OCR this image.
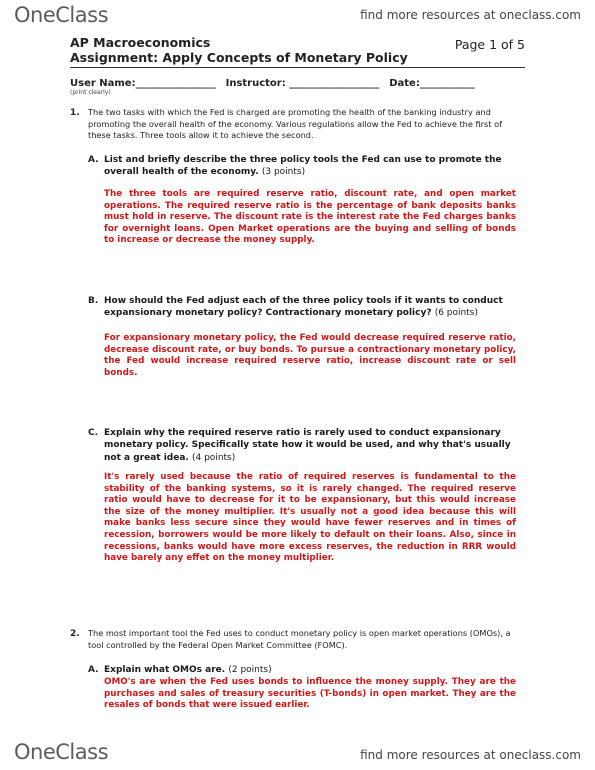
OneClass	find more resources at oneclass.com
AP Macroeconomics
Assignment: Apply Concepts of Monetary Policy
Page 1 of 5
User Name:________________ Instructor: __________________ Date:___________
(print clearly)
1. The two tasks with which the Fed is charged are promoting the health of the banking industry and promoting the overall health of the economy. Various regulations allow the Fed to achieve the first of these tasks. Three tools allow it to achieve the second.
A. List and briefly describe the three policy tools the Fed can use to promote the overall health of the economy. (3 points)
The three tools are required reserve ratio, discount rate, and open market operations. The required reserve ratio is the percentage of bank deposits banks must hold in reserve. The discount rate is the interest rate the Fed charges banks for overnight loans. Open Market operations are the buying and selling of bonds to increase or decrease the money supply.
B. How should the Fed adjust each of the three policy tools if it wants to conduct expansionary monetary policy? Contractionary monetary policy? (6 points)
For expansionary monetary policy, the Fed would decrease required reserve ratio, decrease discount rate, or buy bonds. To pursue a contractionary monetary policy, the Fed would increase required reserve ratio, increase discount rate or sell bonds.
C. Explain why the required reserve ratio is rarely used to conduct expansionary monetary policy. Specifically state how it would be used, and why that's usually not a great idea. (4 points)
It's rarely used because the ratio of required reserves is fundamental to the stability of the banking systems, so it is rarely changed. The required reserve ratio would have to decrease for it to be expansionary, but this would increase the size of the money multiplier. It's usually not a good idea because this will make banks less secure since they would have fewer reserves and in times of recession, borrowers would be more likely to default on their loans. Also, since in recessions, banks would have more excess reserves, the reduction in RRR would have barely any effet on the money multiplier.
2. The most important tool the Fed uses to conduct monetary policy is open market operations (OMOs), a tool controlled by the Federal Open Market Committee (FOMC).
A. Explain what OMOs are. (2 points)
OMO's are when the Fed uses bonds to influence the money supply. They are the purchases and sales of treasury securities (T-bonds) in open market. They are the resales of bonds that were issued earlier.
OneClass	find more resources at oneclass.com
